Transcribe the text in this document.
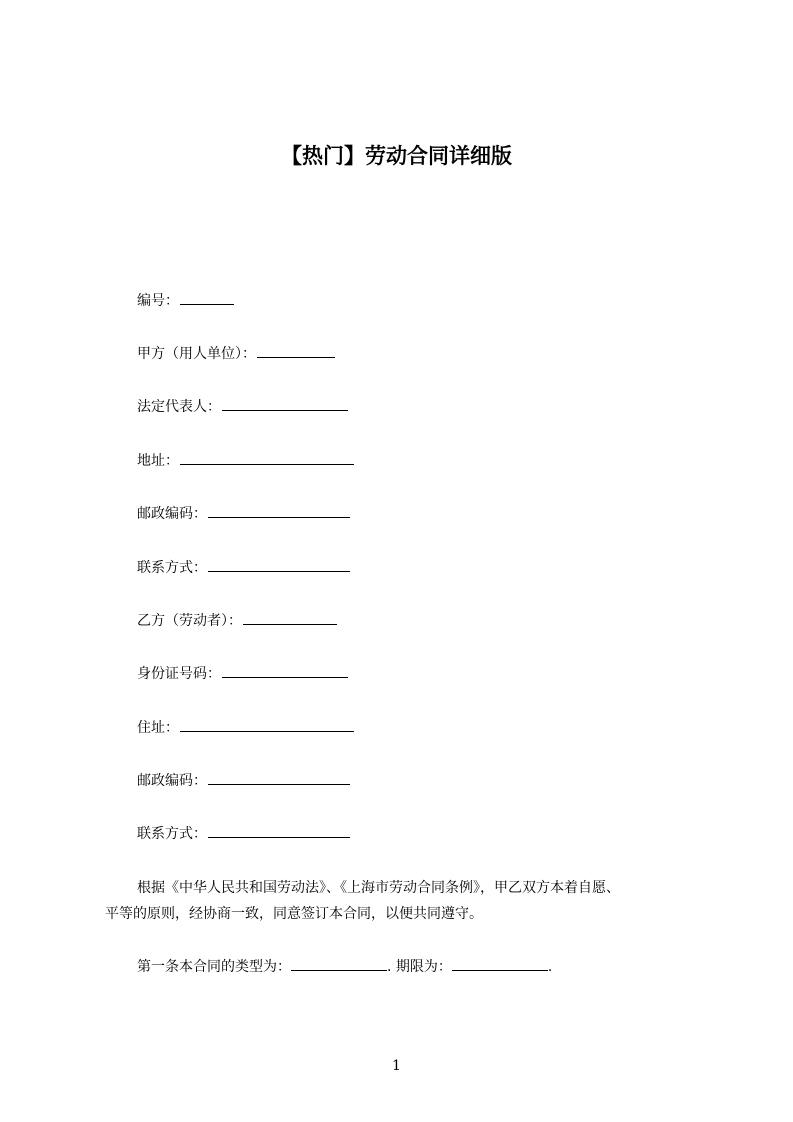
【热门】劳动合同详细版
编号：
甲方（用人单位）：
法定代表人：
地址：
邮政编码：
联系方式：
乙方（劳动者）：
身份证号码：
住址：
邮政编码：
联系方式：
根据《中华人民共和国劳动法》、《上海市劳动合同条例》，甲乙双方本着自愿、
平等的原则，经协商一致，同意签订本合同，以便共同遵守。
第一条本合同的类型为：	. 期限为：	.
1
